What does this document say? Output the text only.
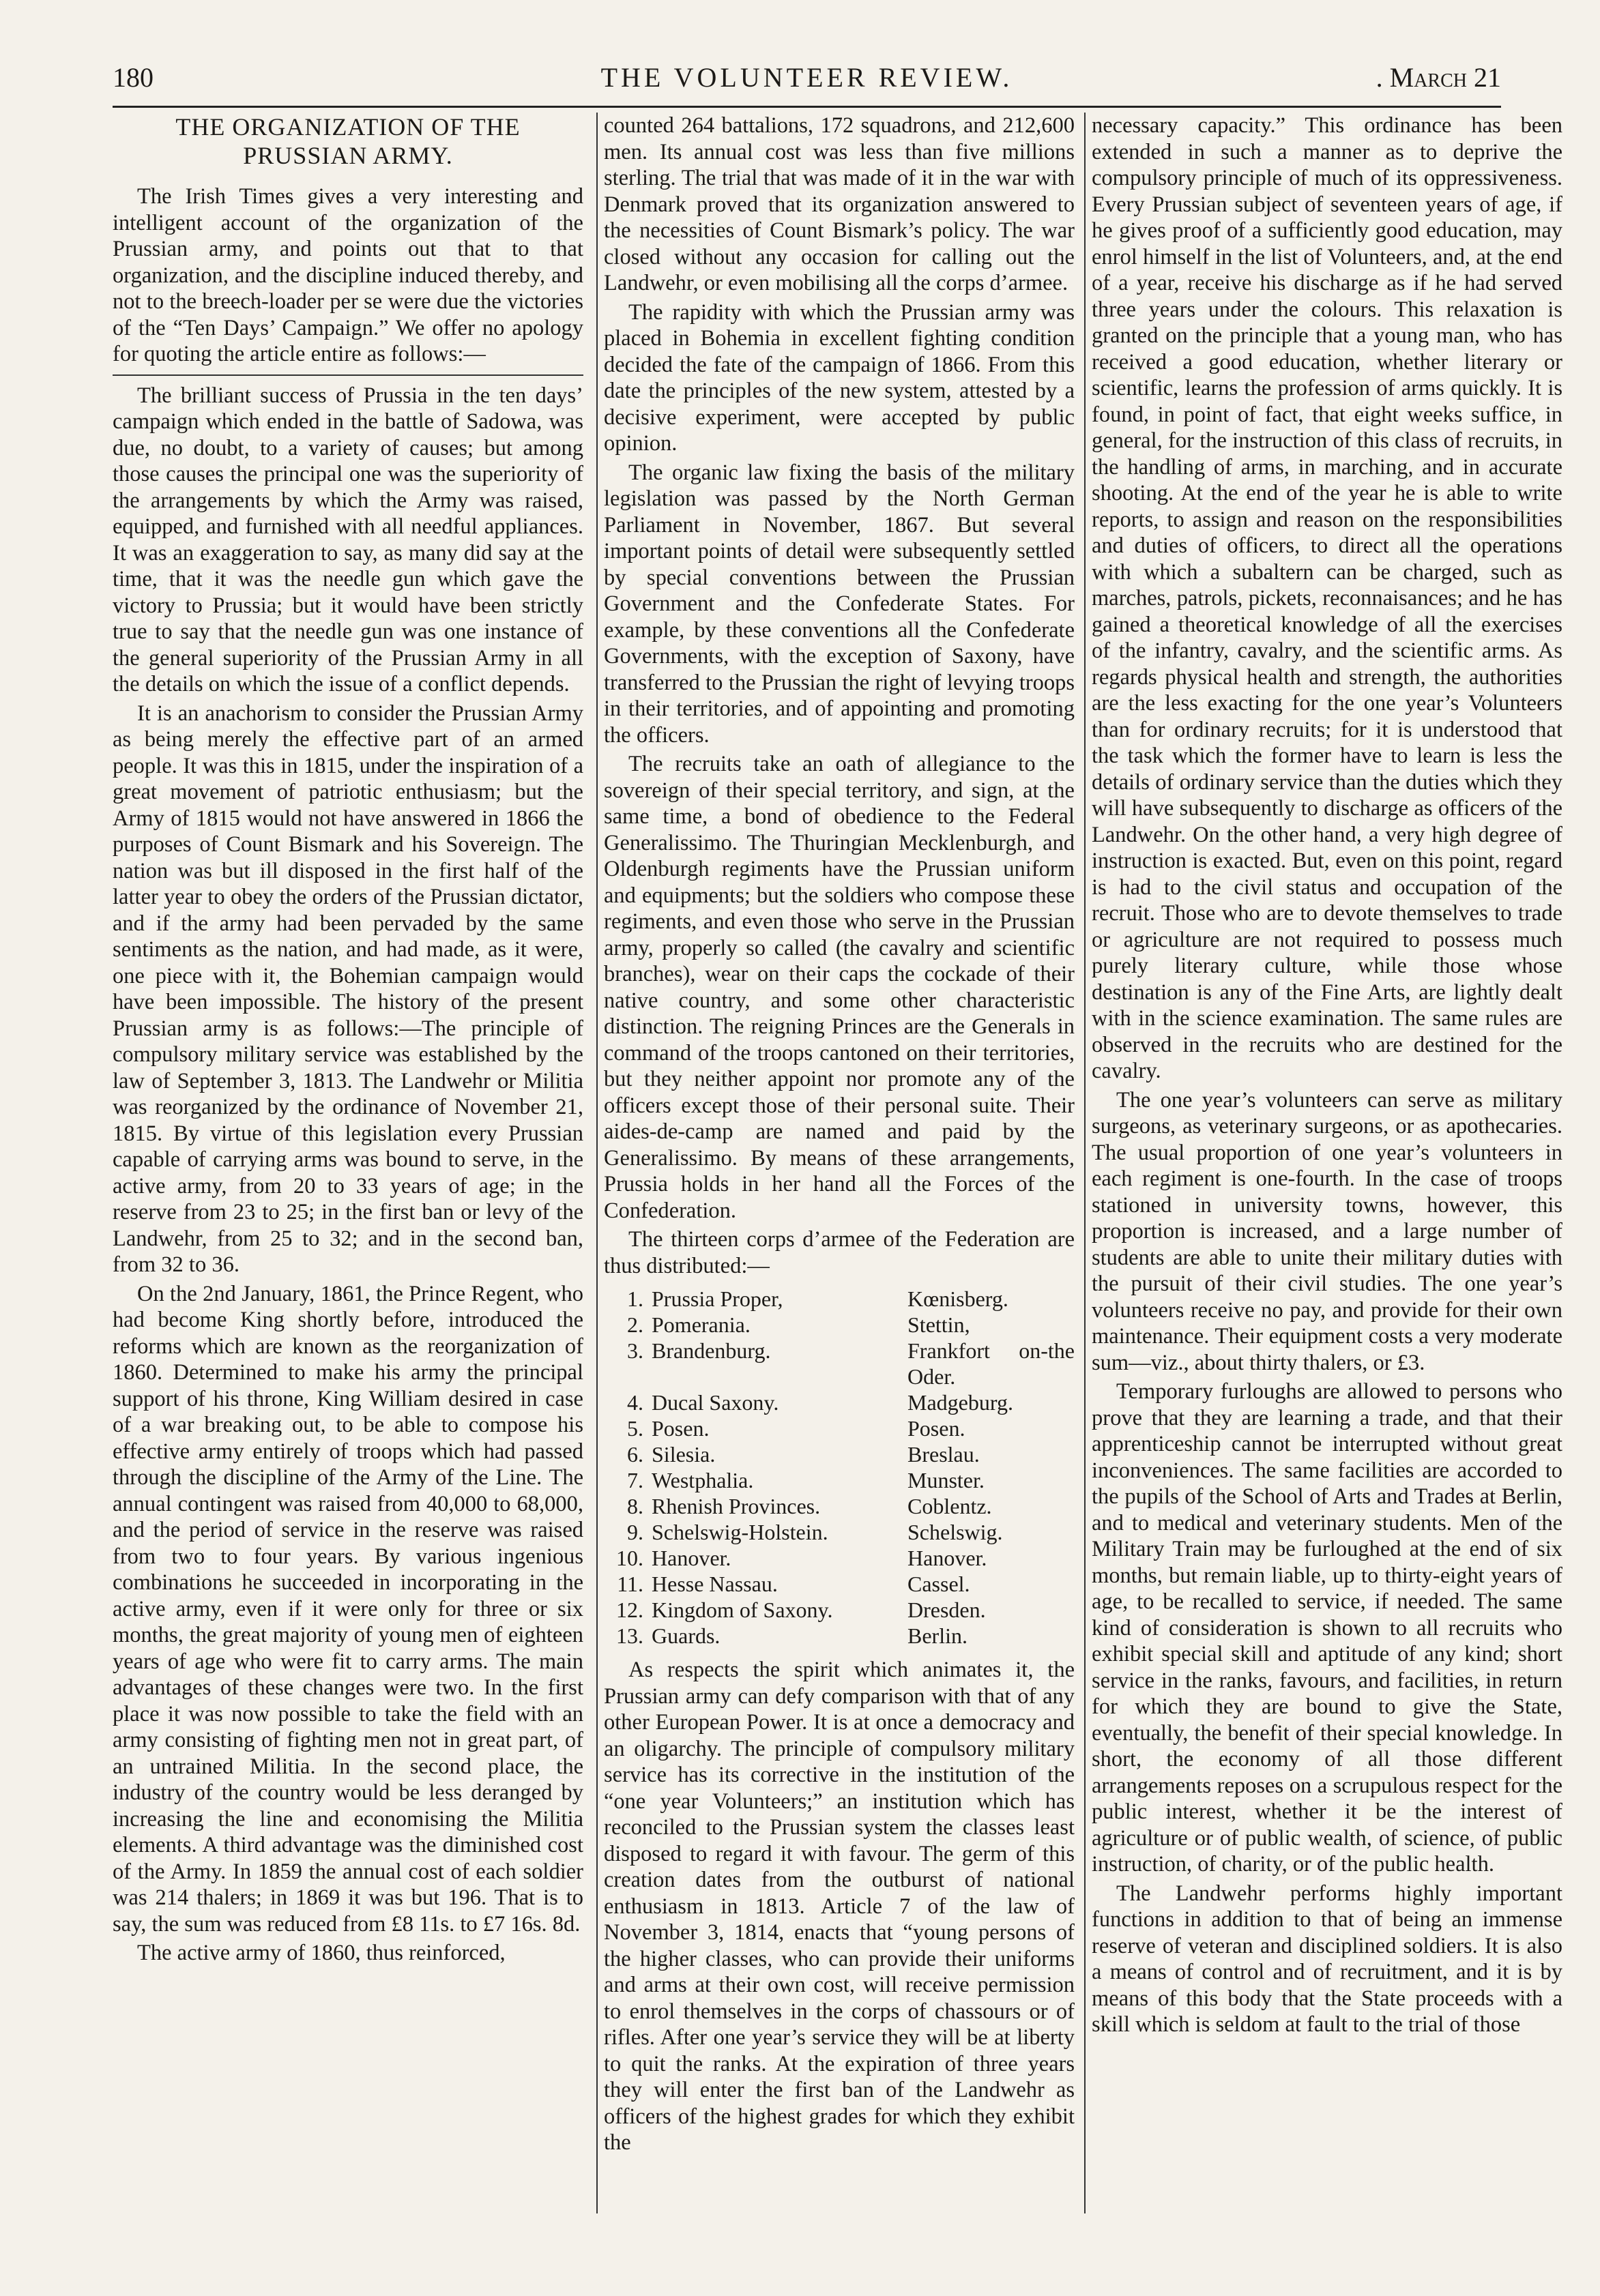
180	THE VOLUNTEER REVIEW.	. March 21
THE ORGANIZATION OF THE PRUSSIAN ARMY.

The Irish Times gives a very interesting and intelligent account of the organization of the Prussian army, and points out that to that organization, and the discipline induced thereby, and not to the breech-loader per se were due the victories of the “Ten Days’ Campaign.” We offer no apology for quoting the article entire as follows:—

The brilliant success of Prussia in the ten days’ campaign which ended in the battle of Sadowa, was due, no doubt, to a variety of causes; but among those causes the principal one was the superiority of the arrangements by which the Army was raised, equipped, and furnished with all needful appliances. It was an exaggeration to say, as many did say at the time, that it was the needle gun which gave the victory to Prussia; but it would have been strictly true to say that the needle gun was one instance of the general superiority of the Prussian Army in all the details on which the issue of a conflict depends.

It is an anachorism to consider the Prussian Army as being merely the effective part of an armed people. It was this in 1815, under the inspiration of a great movement of patriotic enthusiasm; but the Army of 1815 would not have answered in 1866 the purposes of Count Bismark and his Sovereign. The nation was but ill disposed in the first half of the latter year to obey the orders of the Prussian dictator, and if the army had been pervaded by the same sentiments as the nation, and had made, as it were, one piece with it, the Bohemian campaign would have been impossible. The history of the present Prussian army is as follows:—The principle of compulsory military service was established by the law of September 3, 1813. The Landwehr or Militia was reorganized by the ordinance of November 21, 1815. By virtue of this legislation every Prussian capable of carrying arms was bound to serve, in the active army, from 20 to 33 years of age; in the reserve from 23 to 25; in the first ban or levy of the Landwehr, from 25 to 32; and in the second ban, from 32 to 36.

On the 2nd January, 1861, the Prince Regent, who had become King shortly before, introduced the reforms which are known as the reorganization of 1860. Determined to make his army the principal support of his throne, King William desired in case of a war breaking out, to be able to compose his effective army entirely of troops which had passed through the discipline of the Army of the Line. The annual contingent was raised from 40,000 to 68,000, and the period of service in the reserve was raised from two to four years. By various ingenious combinations he succeeded in incorporating in the active army, even if it were only for three or six months, the great majority of young men of eighteen years of age who were fit to carry arms. The main advantages of these changes were two. In the first place it was now possible to take the field with an army consisting of fighting men not in great part, of an untrained Militia. In the second place, the industry of the country would be less deranged by increasing the line and economising the Militia elements. A third advantage was the diminished cost of the Army. In 1859 the annual cost of each soldier was 214 thalers; in 1869 it was but 196. That is to say, the sum was reduced from £8 11s. to £7 16s. 8d.

The active army of 1860, thus reinforced,

counted 264 battalions, 172 squadrons, and 212,600 men. Its annual cost was less than five millions sterling. The trial that was made of it in the war with Denmark proved that its organization answered to the necessities of Count Bismark’s policy. The war closed without any occasion for calling out the Landwehr, or even mobilising all the corps d’armee.

The rapidity with which the Prussian army was placed in Bohemia in excellent fighting condition decided the fate of the campaign of 1866. From this date the principles of the new system, attested by a decisive experiment, were accepted by public opinion.

The organic law fixing the basis of the military legislation was passed by the North German Parliament in November, 1867. But several important points of detail were subsequently settled by special conventions between the Prussian Government and the Confederate States. For example, by these conventions all the Confederate Governments, with the exception of Saxony, have transferred to the Prussian the right of levying troops in their territories, and of appointing and promoting the officers.

The recruits take an oath of allegiance to the sovereign of their special territory, and sign, at the same time, a bond of obedience to the Federal Generalissimo. The Thuringian Mecklenburgh, and Oldenburgh regiments have the Prussian uniform and equipments; but the soldiers who compose these regiments, and even those who serve in the Prussian army, properly so called (the cavalry and scientific branches), wear on their caps the cockade of their native country, and some other characteristic distinction. The reigning Princes are the Generals in command of the troops cantoned on their territories, but they neither appoint nor promote any of the officers except those of their personal suite. Their aides-de-camp are named and paid by the Generalissimo. By means of these arrangements, Prussia holds in her hand all the Forces of the Confederation.

The thirteen corps d’armee of the Federation are thus distributed:—

1.	Prussia Proper,	Kœnisberg.
2.	Pomerania.	Stettin,
3.	Brandenburg.	Frankfort on-the Oder.
4.	Ducal Saxony.	Madgeburg.
5.	Posen.	Posen.
6.	Silesia.	Breslau.
7.	Westphalia.	Munster.
8.	Rhenish Provinces.	Coblentz.
9.	Schelswig-Holstein.	Schelswig.
10.	Hanover.	Hanover.
11.	Hesse Nassau.	Cassel.
12.	Kingdom of Saxony.	Dresden.
13.	Guards.	Berlin.

As respects the spirit which animates it, the Prussian army can defy comparison with that of any other European Power. It is at once a democracy and an oligarchy. The principle of compulsory military service has its corrective in the institution of the “one year Volunteers;” an institution which has reconciled to the Prussian system the classes least disposed to regard it with favour. The germ of this creation dates from the outburst of national enthusiasm in 1813. Article 7 of the law of November 3, 1814, enacts that “young persons of the higher classes, who can provide their uniforms and arms at their own cost, will receive permission to enrol themselves in the corps of chassours or of rifles. After one year’s service they will be at liberty to quit the ranks. At the expiration of three years they will enter the first ban of the Landwehr as officers of the highest grades for which they exhibit the

necessary capacity.” This ordinance has been extended in such a manner as to deprive the compulsory principle of much of its oppressiveness. Every Prussian subject of seventeen years of age, if he gives proof of a sufficiently good education, may enrol himself in the list of Volunteers, and, at the end of a year, receive his discharge as if he had served three years under the colours. This relaxation is granted on the principle that a young man, who has received a good education, whether literary or scientific, learns the profession of arms quickly. It is found, in point of fact, that eight weeks suffice, in general, for the instruction of this class of recruits, in the handling of arms, in marching, and in accurate shooting. At the end of the year he is able to write reports, to assign and reason on the responsibilities and duties of officers, to direct all the operations with which a subaltern can be charged, such as marches, patrols, pickets, reconnaisances; and he has gained a theoretical knowledge of all the exercises of the infantry, cavalry, and the scientific arms. As regards physical health and strength, the authorities are the less exacting for the one year’s Volunteers than for ordinary recruits; for it is understood that the task which the former have to learn is less the details of ordinary service than the duties which they will have subsequently to discharge as officers of the Landwehr. On the other hand, a very high degree of instruction is exacted. But, even on this point, regard is had to the civil status and occupation of the recruit. Those who are to devote themselves to trade or agriculture are not required to possess much purely literary culture, while those whose destination is any of the Fine Arts, are lightly dealt with in the science examination. The same rules are observed in the recruits who are destined for the cavalry.

The one year’s volunteers can serve as military surgeons, as veterinary surgeons, or as apothecaries. The usual proportion of one year’s volunteers in each regiment is one-fourth. In the case of troops stationed in university towns, however, this proportion is increased, and a large number of students are able to unite their military duties with the pursuit of their civil studies. The one year’s volunteers receive no pay, and provide for their own maintenance. Their equipment costs a very moderate sum—viz., about thirty thalers, or £3.

Temporary furloughs are allowed to persons who prove that they are learning a trade, and that their apprenticeship cannot be interrupted without great inconveniences. The same facilities are accorded to the pupils of the School of Arts and Trades at Berlin, and to medical and veterinary students. Men of the Military Train may be furloughed at the end of six months, but remain liable, up to thirty-eight years of age, to be recalled to service, if needed. The same kind of consideration is shown to all recruits who exhibit special skill and aptitude of any kind; short service in the ranks, favours, and facilities, in return for which they are bound to give the State, eventually, the benefit of their special knowledge. In short, the economy of all those different arrangements reposes on a scrupulous respect for the public interest, whether it be the interest of agriculture or of public wealth, of science, of public instruction, of charity, or of the public health.

The Landwehr performs highly important functions in addition to that of being an immense reserve of veteran and disciplined soldiers. It is also a means of control and of recruitment, and it is by means of this body that the State proceeds with a skill which is seldom at fault to the trial of those
